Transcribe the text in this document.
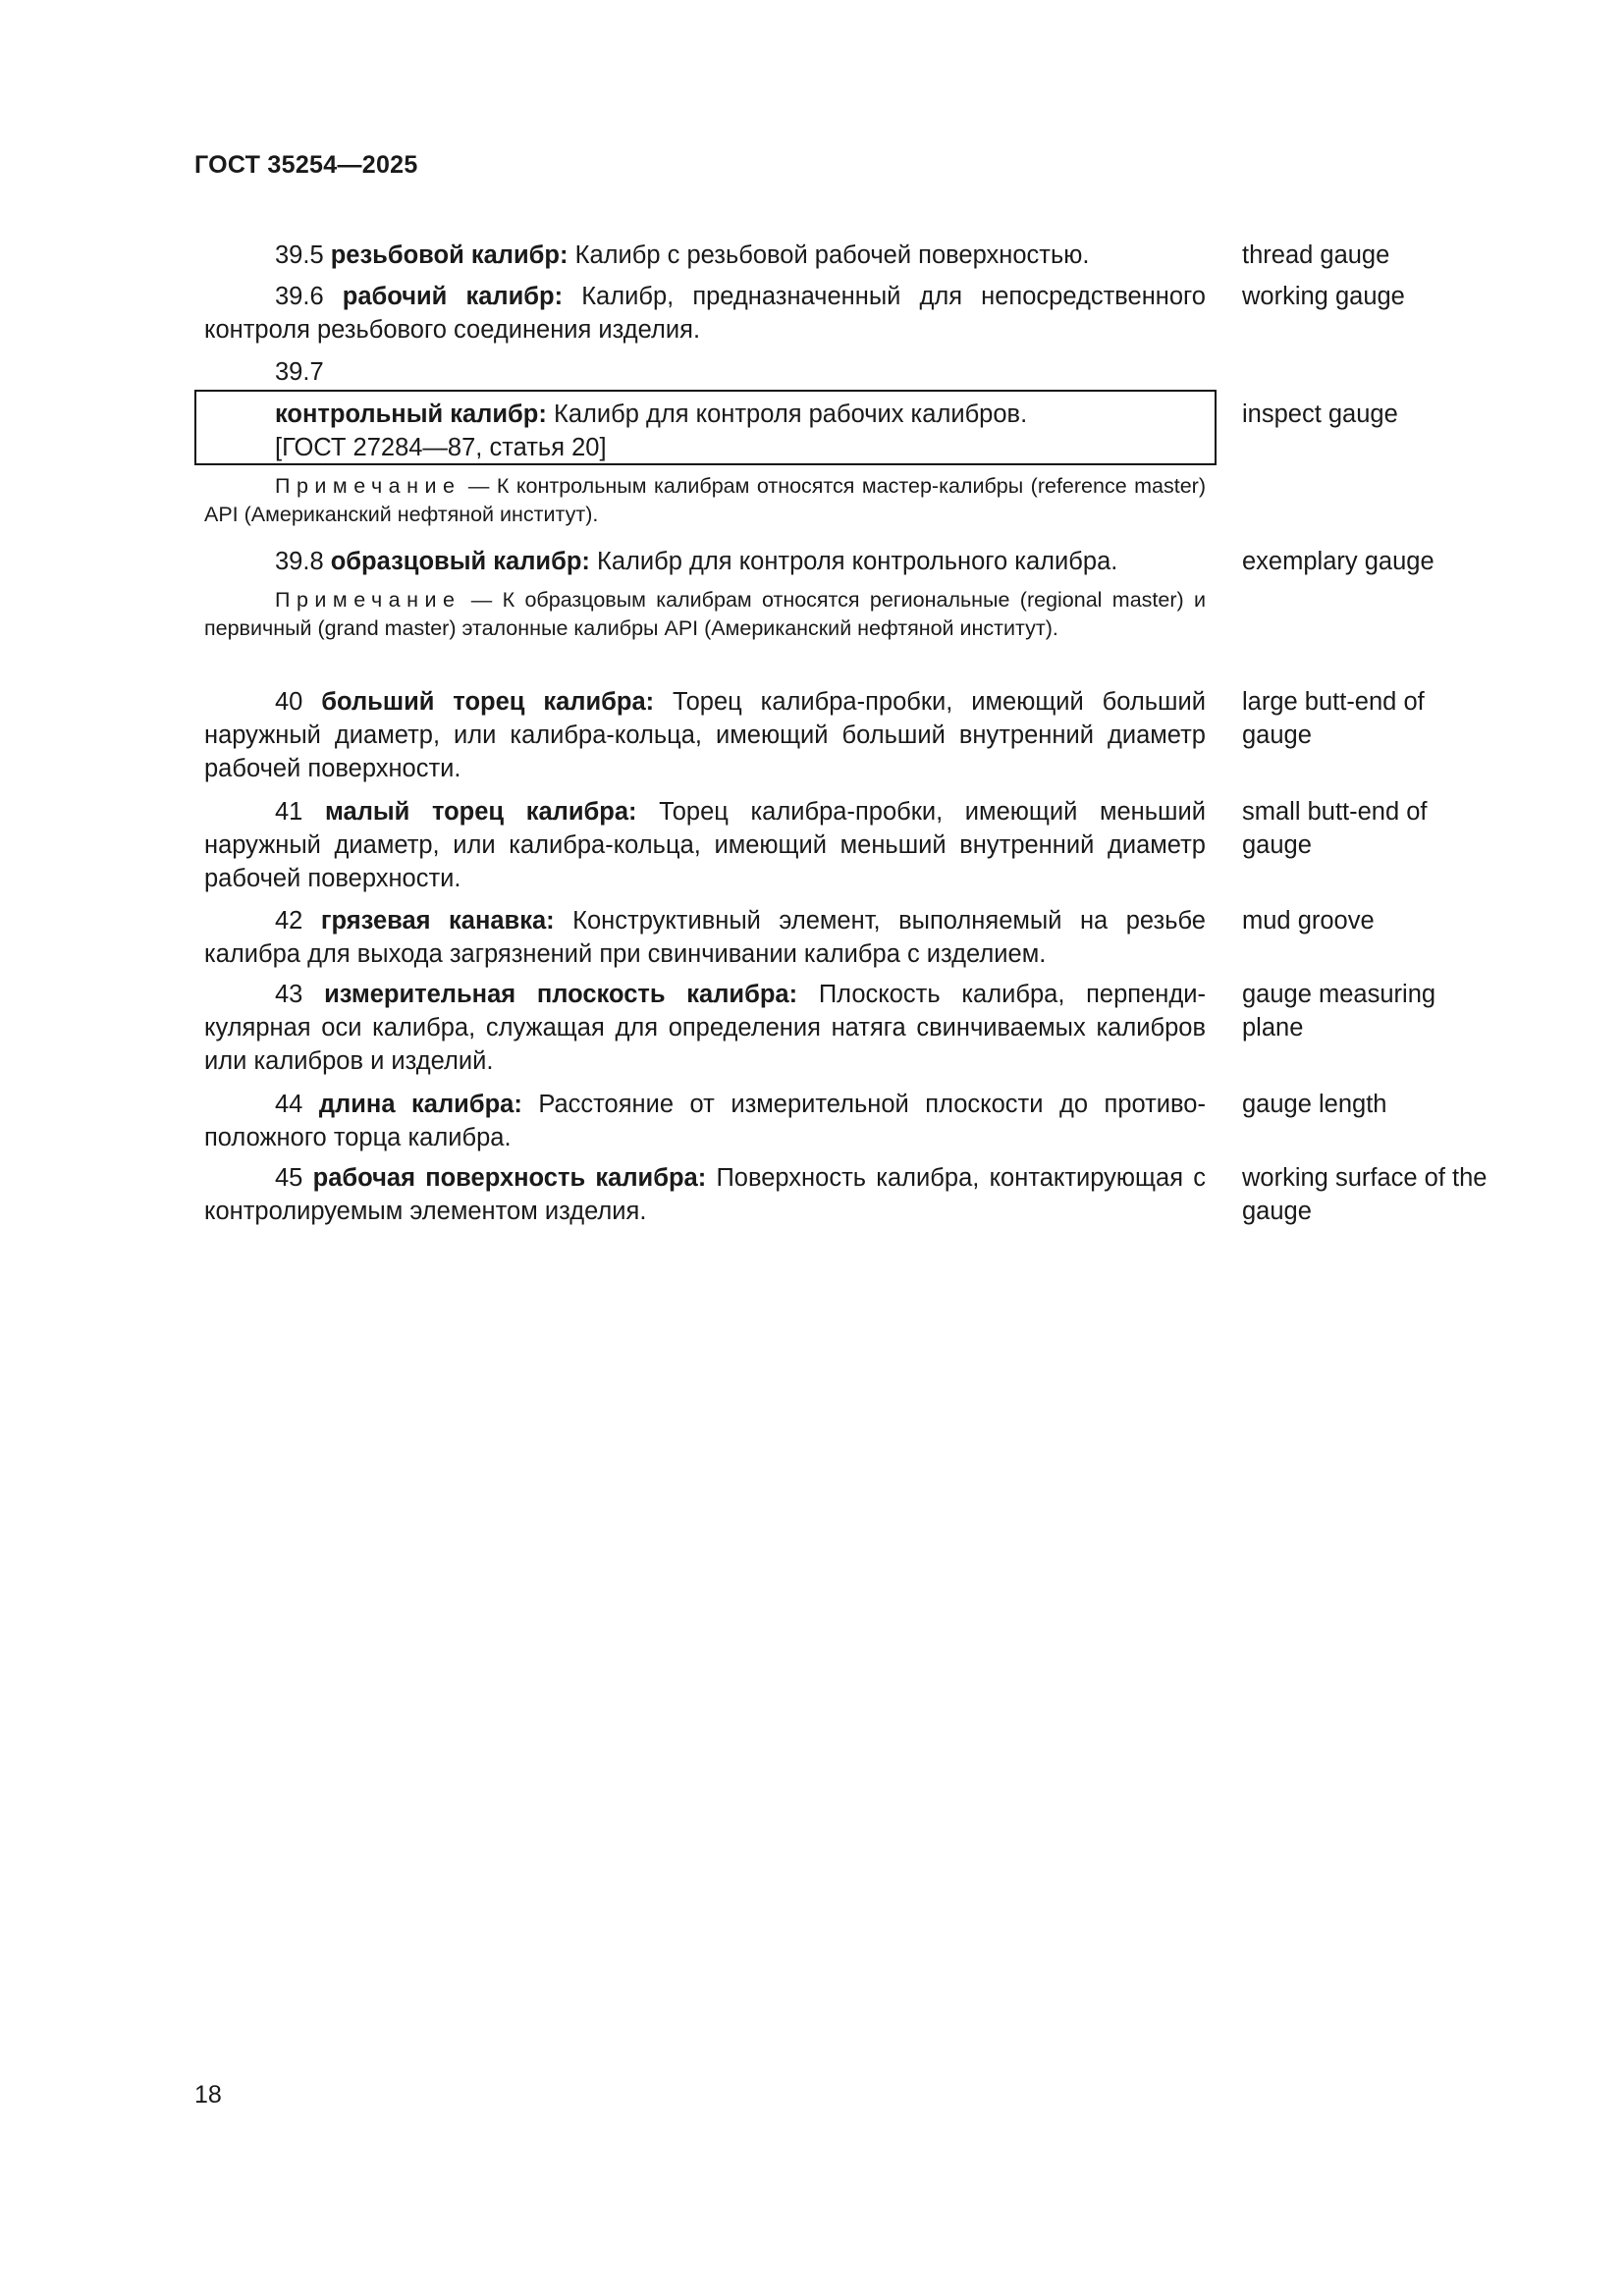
ГОСТ 35254—2025
39.5 резьбовой калибр: Калибр с резьбовой рабочей поверхностью.	thread gauge
39.6 рабочий калибр: Калибр, предназначенный для непосредственного контроля резьбового соединения изделия.
working gauge
39.7
контрольный калибр: Калибр для контроля рабочих калибров.
[ГОСТ 27284—87, статья 20]
inspect gauge
Примечание — К контрольным калибрам относятся мастер-калибры (reference master) API (Американский нефтяной институт).
39.8 образцовый калибр: Калибр для контроля контрольного калибра.	exemplary gauge
Примечание — К образцовым калибрам относятся региональные (regional master) и первичный (grand master) эталонные калибры API (Американский нефтяной институт).
40 больший торец калибра: Торец калибра-пробки, имеющий больший наружный диаметр, или калибра-кольца, имеющий больший внутренний диаметр рабочей поверхности.
large butt-end of gauge
41 малый торец калибра: Торец калибра-пробки, имеющий меньший наружный диаметр, или калибра-кольца, имеющий меньший внутренний диаметр рабочей поверхности.
small butt-end of gauge
42 грязевая канавка: Конструктивный элемент, выполняемый на резьбе калибра для выхода загрязнений при свинчивании калибра с изделием.
mud groove
43 измерительная плоскость калибра: Плоскость калибра, перпендикулярная оси калибра, служащая для определения натяга свинчиваемых калибров или калибров и изделий.
gauge measuring plane
44 длина калибра: Расстояние от измерительной плоскости до противоположного торца калибра.
gauge length
45 рабочая поверхность калибра: Поверхность калибра, контактирующая с контролируемым элементом изделия.
working surface of the gauge
18
